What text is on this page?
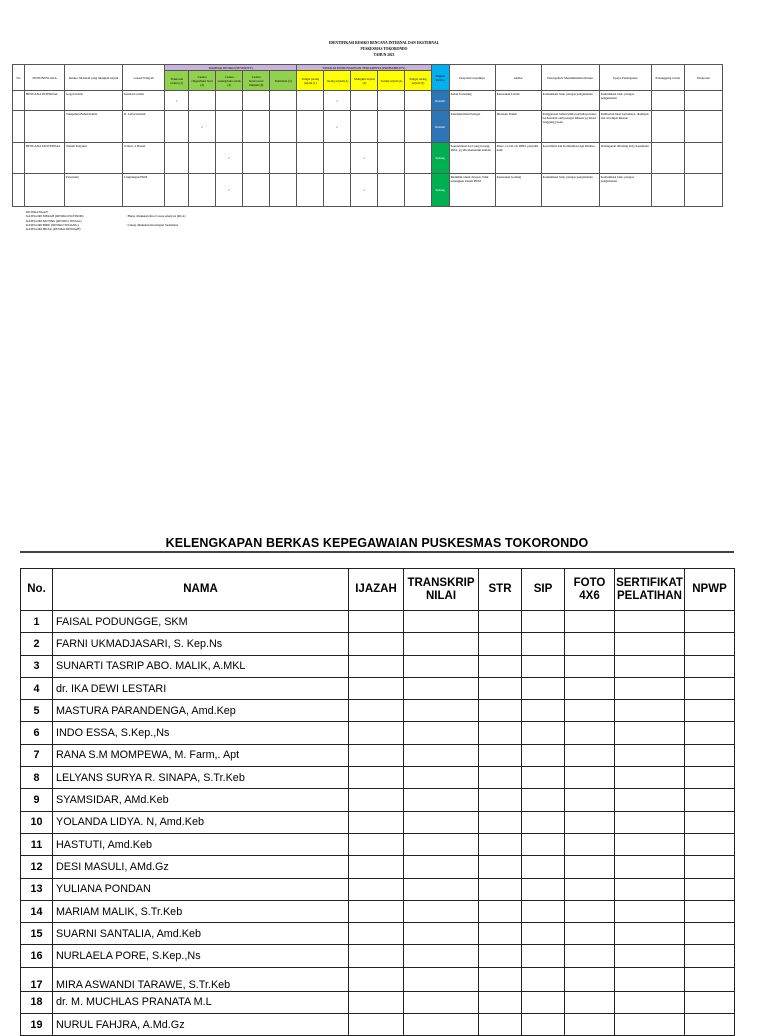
IDENTIFIKASI RESIKO BENCANA INTERNAL DAN EKSTERNAL
PUSKESMAS TOKORONDO
TAHUN 2023
No	JENIS BENCANA	Resiko /Masalah yang mungkin terjadi	Lokasi/Wilayah	DAMPAK RESIKO (SEVERITY)					TINGKAT KEMUNGKINAN TERJADINYA (PROBABILITY)					Tingkat Resiko	Penyebab terjadinya	Akibat	Pencegahan/ Meminimalkan Resiko	Upaya Penanganan	Penanggung Jawab	Pelaporan
				Tidak ada cedera (1)	Cedera ringan/luka lecet (2)	Cedera sedang/luka robek (3)	Cedera berat/cacat/ lumpuh (4)	Kematian (5)	Sangat jarang terjadi (1)	Jarang terjadi (2)	Mungkin terjadi (3)	Sering terjadi (4)	Sangat sering terjadi (5)							
	BENCANA INTERNAL	Gagal Listrik	Instalasi Listrik	✓						✓				Rendah	Kabel Tersulung	Kerusakan Listrik	Komunikasi baik, petugas pengamanan	Komunikasi baik, petugas pengamanan		
		Tumpahan Bahan Kimia	R. Laboratorium		✓					✓				Rendah	Ketidaktelitian Petugas	Merusak Tubuh	Penggunaan bahan kimia berbahaya harus berhati-hati oleh petugas khusus yg diberi tanggung jawab	Pemberian label berbahaya, disimpan dan di tempat khusus		
	BENCANA EKSTERNAL	Wabah Penyakit	6 Desa, 2 Dusun			✓					✓			Sedang	Kontaminasi dari yang korang, ISPA, yg tdk memenuhi standar	Diare, Covid-19, DBD, penyakit kulit	Koordinasi dan Komunikasi dgn DinKes	Penanganan dibidang Poly Kesehatan		
		Pencurian	Lingkungan PKM			✓					✓			Sedang	Memiliki untuk dicepat, tidak terjangkau sistem PKM	Kerusakan Gedung	Komunikasi baik, petugas pengamanan	Komunikasi baik, petugas pengamanan		
KETERANGAN
KATEGORI MERAH (RESIKO EKSTRIM)	: Harus dilakukan Root Cause Analysis (RCA)
KATEGORI KUNING (RESIKO TINGGI)
KATEGORI BIRU (RESIKO SEDANG)	: Cukup dilakukan Investigasi Sederhana
KATEGORI HIJAU (RESIKO RENDAH)
KELENGKAPAN BERKAS KEPEGAWAIAN PUSKESMAS TOKORONDO
No.	NAMA	IJAZAH	TRANSKRIP NILAI	STR	SIP	FOTO 4X6	SERTIFIKAT PELATIHAN	NPWP
1	FAISAL PODUNGGE, SKM							
2	FARNI UKMADJASARI, S. Kep.Ns							
3	SUNARTI TASRIP ABO. MALIK, A.MKL							
4	dr. IKA DEWI LESTARI							
5	MASTURA PARANDENGA, Amd.Kep							
6	INDO ESSA, S.Kep.,Ns							
7	RANA S.M MOMPEWA, M. Farm,. Apt							
8	LELYANS SURYA R. SINAPA, S.Tr.Keb							
9	SYAMSIDAR, AMd.Keb							
10	YOLANDA LIDYA. N, Amd.Keb							
11	HASTUTI, Amd.Keb							
12	DESI MASULI, AMd.Gz							
13	YULIANA PONDAN							
14	MARIAM MALIK, S.Tr.Keb							
15	SUARNI SANTALIA, Amd.Keb							
16	NURLAELA PORE, S.Kep.,Ns							
17	MIRA ASWANDI TARAWE, S.Tr.Keb							
18	dr. M. MUCHLAS PRANATA M.L							
19	NURUL FAHJRA, A.Md.Gz							
